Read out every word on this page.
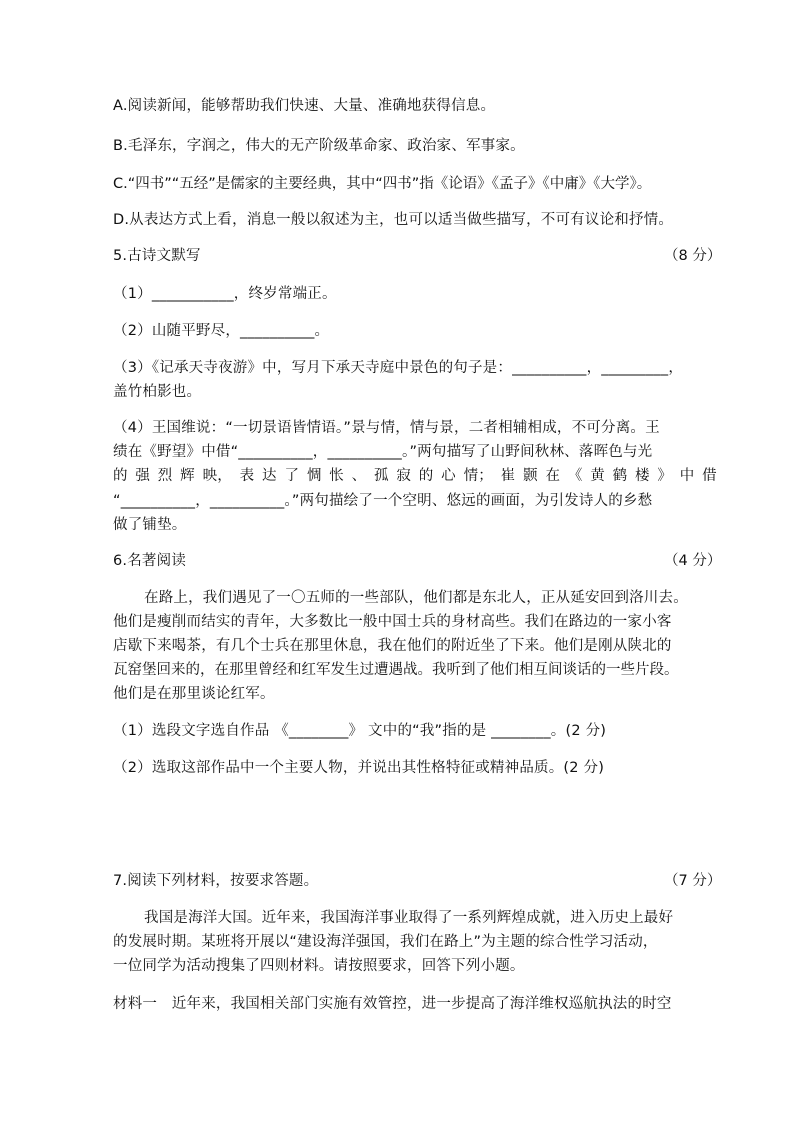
A.阅读新闻，能够帮助我们快速、大量、准确地获得信息。
B.毛泽东，字润之，伟大的无产阶级革命家、政治家、军事家。
C.“四书”“五经”是儒家的主要经典，其中“四书”指《论语》《孟子》《中庸》《大学》。
D.从表达方式上看，消息一般以叙述为主，也可以适当做些描写，不可有议论和抒情。
5.古诗文默写	（8 分）
（1）___________，终岁常端正。
（2）山随平野尽，__________。
（3）《记承天寺夜游》中，写月下承天寺庭中景色的句子是：__________，_________，
盖竹柏影也。
（4）王国维说：“一切景语皆情语。”景与情，情与景，二者相辅相成，不可分离。王
绩在《野望》中借“__________，__________。”两句描写了山野间秋林、落晖色与光
的 强 烈 辉 映， 表 达 了 惆 怅 、 孤 寂 的 心 情； 崔 颢 在 《 黄 鹤 楼 》 中 借
“__________，__________。”两句描绘了一个空明、悠远的画面，为引发诗人的乡愁
做了铺垫。
6.名著阅读	（4 分）
在路上，我们遇见了一〇五师的一些部队，他们都是东北人，正从延安回到洛川去。
他们是瘦削而结实的青年，大多数比一般中国士兵的身材高些。我们在路边的一家小客
店歇下来喝茶，有几个士兵在那里休息，我在他们的附近坐了下来。他们是刚从陕北的
瓦窑堡回来的，在那里曾经和红军发生过遭遇战。我听到了他们相互间谈话的一些片段。
他们是在那里谈论红军。
（1）选段文字选自作品 《________》 文中的“我”指的是 ________。(2 分)
（2）选取这部作品中一个主要人物，并说出其性格特征或精神品质。(2 分)
7.阅读下列材料，按要求答题。	（7 分）
我国是海洋大国。近年来，我国海洋事业取得了一系列辉煌成就，进入历史上最好
的发展时期。某班将开展以“建设海洋强国，我们在路上”为主题的综合性学习活动，
一位同学为活动搜集了四则材料。请按照要求，回答下列小题。
材料一　近年来，我国相关部门实施有效管控，进一步提高了海洋维权巡航执法的时空
